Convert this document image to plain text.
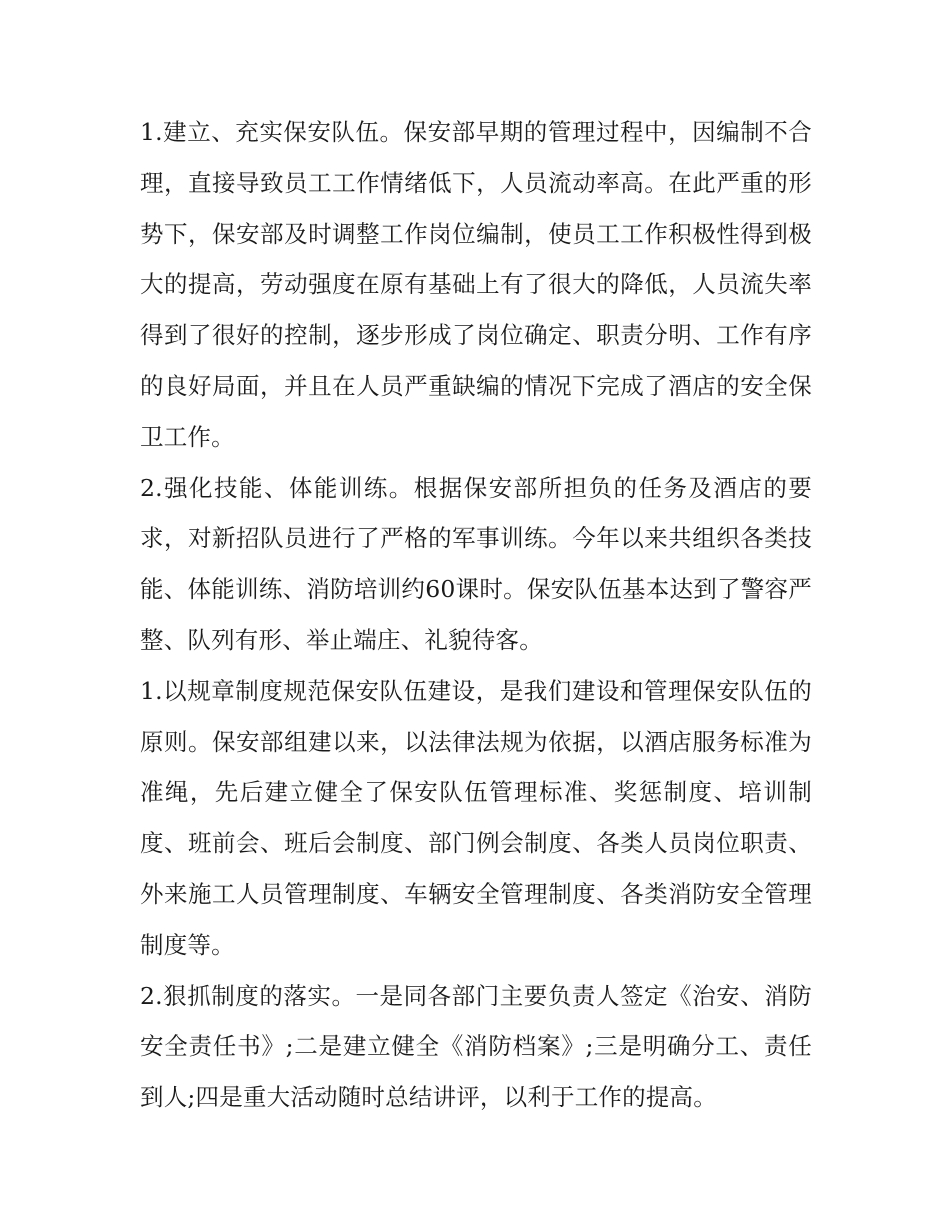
1.建立、充实保安队伍。保安部早期的管理过程中，因编制不合理，直接导致员工工作情绪低下，人员流动率高。在此严重的形势下，保安部及时调整工作岗位编制，使员工工作积极性得到极大的提高，劳动强度在原有基础上有了很大的降低，人员流失率得到了很好的控制，逐步形成了岗位确定、职责分明、工作有序的良好局面，并且在人员严重缺编的情况下完成了酒店的安全保卫工作。

2.强化技能、体能训练。根据保安部所担负的任务及酒店的要求，对新招队员进行了严格的军事训练。今年以来共组织各类技能、体能训练、消防培训约60课时。保安队伍基本达到了警容严整、队列有形、举止端庄、礼貌待客。

1.以规章制度规范保安队伍建设，是我们建设和管理保安队伍的原则。保安部组建以来，以法律法规为依据，以酒店服务标准为准绳，先后建立健全了保安队伍管理标准、奖惩制度、培训制度、班前会、班后会制度、部门例会制度、各类人员岗位职责、外来施工人员管理制度、车辆安全管理制度、各类消防安全管理制度等。

2.狠抓制度的落实。一是同各部门主要负责人签定《治安、消防安全责任书》;二是建立健全《消防档案》;三是明确分工、责任到人;四是重大活动随时总结讲评，以利于工作的提高。
